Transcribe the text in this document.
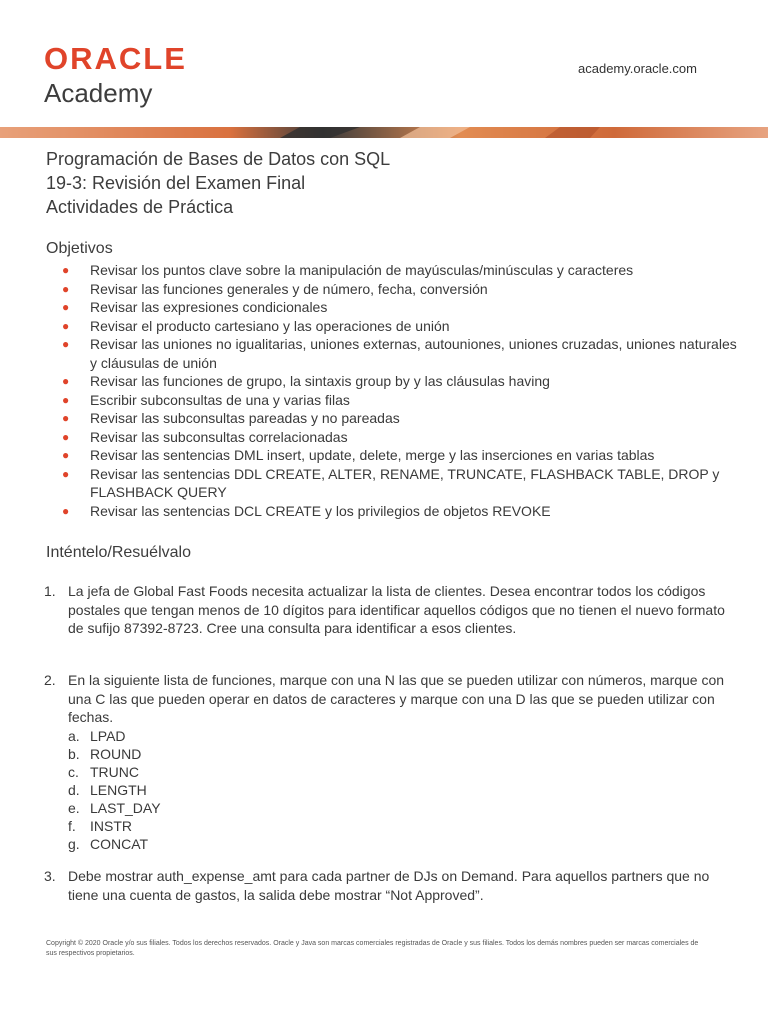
ORACLE
Academy
academy.oracle.com
Programación de Bases de Datos con SQL
19-3: Revisión del Examen Final
Actividades de Práctica
Objetivos
● Revisar los puntos clave sobre la manipulación de mayúsculas/minúsculas y caracteres
● Revisar las funciones generales y de número, fecha, conversión
● Revisar las expresiones condicionales
● Revisar el producto cartesiano y las operaciones de unión
● Revisar las uniones no igualitarias, uniones externas, autouniones, uniones cruzadas, uniones naturales y cláusulas de unión
● Revisar las funciones de grupo, la sintaxis group by y las cláusulas having
● Escribir subconsultas de una y varias filas
● Revisar las subconsultas pareadas y no pareadas
● Revisar las subconsultas correlacionadas
● Revisar las sentencias DML insert, update, delete, merge y las inserciones en varias tablas
● Revisar las sentencias DDL CREATE, ALTER, RENAME, TRUNCATE, FLASHBACK TABLE, DROP y FLASHBACK QUERY
● Revisar las sentencias DCL CREATE y los privilegios de objetos REVOKE
Inténtelo/Resuélvalo
1. La jefa de Global Fast Foods necesita actualizar la lista de clientes. Desea encontrar todos los códigos postales que tengan menos de 10 dígitos para identificar aquellos códigos que no tienen el nuevo formato de sufijo 87392-8723. Cree una consulta para identificar a esos clientes.
2. En la siguiente lista de funciones, marque con una N las que se pueden utilizar con números, marque con una C las que pueden operar en datos de caracteres y marque con una D las que se pueden utilizar con fechas.
a. LPAD
b. ROUND
c. TRUNC
d. LENGTH
e. LAST_DAY
f. INSTR
g. CONCAT
3. Debe mostrar auth_expense_amt para cada partner de DJs on Demand. Para aquellos partners que no tiene una cuenta de gastos, la salida debe mostrar “Not Approved”.
Copyright © 2020 Oracle y/o sus filiales. Todos los derechos reservados. Oracle y Java son marcas comerciales registradas de Oracle y sus filiales. Todos los demás nombres pueden ser marcas comerciales de sus respectivos propietarios.
